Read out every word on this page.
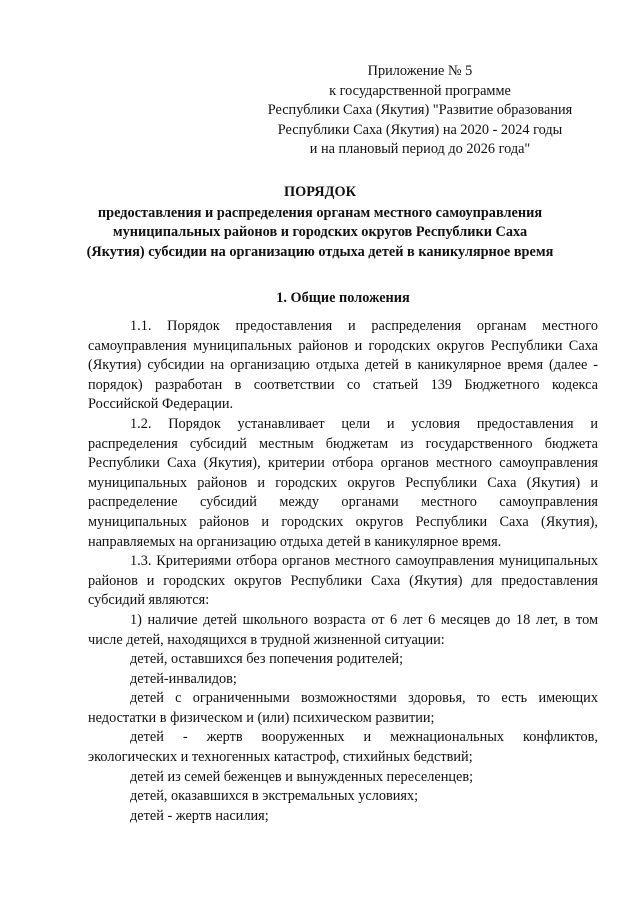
Приложение № 5
к государственной программе
Республики Саха (Якутия) "Развитие образования
Республики Саха (Якутия) на 2020 - 2024 годы
и на плановый период до 2026 года"
ПОРЯДОК
предоставления и распределения органам местного самоуправления
муниципальных районов и городских округов Республики Саха
(Якутия) субсидии на организацию отдыха детей в каникулярное время
1. Общие положения

1.1. Порядок предоставления и распределения органам местного самоуправления муниципальных районов и городских округов Республики Саха (Якутия) субсидии на организацию отдыха детей в каникулярное время (далее - порядок) разработан в соответствии со статьей 139 Бюджетного кодекса Российской Федерации.

1.2. Порядок устанавливает цели и условия предоставления и распределения субсидий местным бюджетам из государственного бюджета Республики Саха (Якутия), критерии отбора органов местного самоуправления муниципальных районов и городских округов Республики Саха (Якутия) и распределение субсидий между органами местного самоуправления муниципальных районов и городских округов Республики Саха (Якутия), направляемых на организацию отдыха детей в каникулярное время.

1.3. Критериями отбора органов местного самоуправления муниципальных районов и городских округов Республики Саха (Якутия) для предоставления субсидий являются:

1) наличие детей школьного возраста от 6 лет 6 месяцев до 18 лет, в том числе детей, находящихся в трудной жизненной ситуации:

детей, оставшихся без попечения родителей;

детей-инвалидов;

детей с ограниченными возможностями здоровья, то есть имеющих недостатки в физическом и (или) психическом развитии;

детей - жертв вооруженных и межнациональных конфликтов, экологических и техногенных катастроф, стихийных бедствий;

детей из семей беженцев и вынужденных переселенцев;

детей, оказавшихся в экстремальных условиях;

детей - жертв насилия;
